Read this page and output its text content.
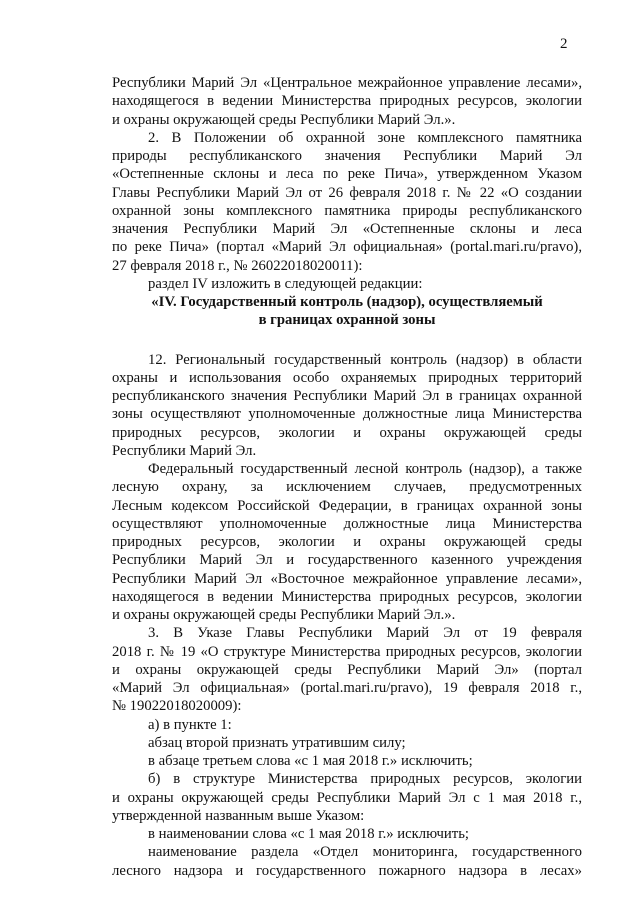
2
Республики Марий Эл «Центральное межрайонное управление лесами»,
находящегося в ведении Министерства природных ресурсов, экологии
и охраны окружающей среды Республики Марий Эл.».
2. В Положении об охранной зоне комплексного памятника
природы республиканского значения Республики Марий Эл
«Остепненные склоны и леса по реке Пича», утвержденном Указом
Главы Республики Марий Эл от 26 февраля 2018 г. № 22 «О создании
охранной зоны комплексного памятника природы республиканского
значения Республики Марий Эл «Остепненные склоны и леса
по реке Пича» (портал «Марий Эл официальная» (portal.mari.ru/pravo),
27 февраля 2018 г., № 26022018020011):
раздел IV изложить в следующей редакции:
«IV. Государственный контроль (надзор), осуществляемый
в границах охранной зоны
12. Региональный государственный контроль (надзор) в области
охраны и использования особо охраняемых природных территорий
республиканского значения Республики Марий Эл в границах охранной
зоны осуществляют уполномоченные должностные лица Министерства
природных ресурсов, экологии и охраны окружающей среды
Республики Марий Эл.
Федеральный государственный лесной контроль (надзор), а также
лесную охрану, за исключением случаев, предусмотренных
Лесным кодексом Российской Федерации, в границах охранной зоны
осуществляют уполномоченные должностные лица Министерства
природных ресурсов, экологии и охраны окружающей среды
Республики Марий Эл и государственного казенного учреждения
Республики Марий Эл «Восточное межрайонное управление лесами»,
находящегося в ведении Министерства природных ресурсов, экологии
и охраны окружающей среды Республики Марий Эл.».
3. В Указе Главы Республики Марий Эл от 19 февраля
2018 г. № 19 «О структуре Министерства природных ресурсов, экологии
и охраны окружающей среды Республики Марий Эл» (портал
«Марий Эл официальная» (portal.mari.ru/pravo), 19 февраля 2018 г.,
№ 19022018020009):
а) в пункте 1:
абзац второй признать утратившим силу;
в абзаце третьем слова «с 1 мая 2018 г.» исключить;
б) в структуре Министерства природных ресурсов, экологии
и охраны окружающей среды Республики Марий Эл с 1 мая 2018 г.,
утвержденной названным выше Указом:
в наименовании слова «с 1 мая 2018 г.» исключить;
наименование раздела «Отдел мониторинга, государственного
лесного надзора и государственного пожарного надзора в лесах»
